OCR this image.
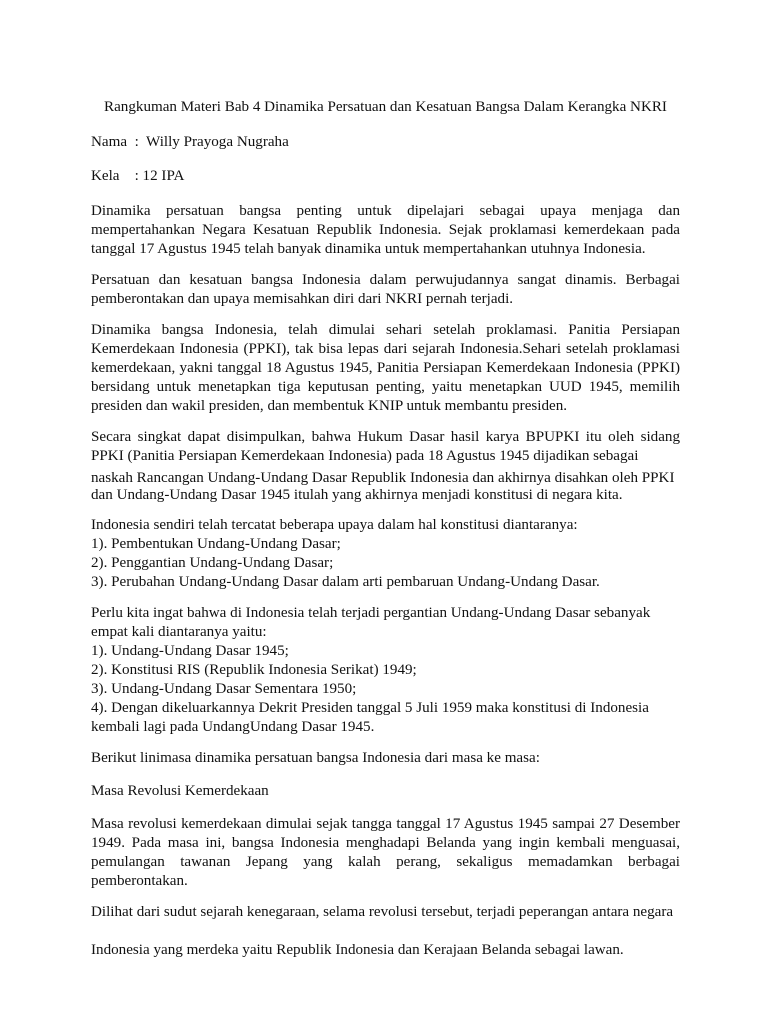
Rangkuman Materi Bab 4 Dinamika Persatuan dan Kesatuan Bangsa Dalam Kerangka NKRI
Nama  :  Willy Prayoga Nugraha
Kela    : 12 IPA

Dinamika persatuan bangsa penting untuk dipelajari sebagai upaya menjaga dan mempertahankan Negara Kesatuan Republik Indonesia. Sejak proklamasi kemerdekaan pada tanggal 17 Agustus 1945 telah banyak dinamika untuk mempertahankan utuhnya Indonesia.

Persatuan dan kesatuan bangsa Indonesia dalam perwujudannya sangat dinamis. Berbagai pemberontakan dan upaya memisahkan diri dari NKRI pernah terjadi.

Dinamika bangsa Indonesia, telah dimulai sehari setelah proklamasi. Panitia Persiapan Kemerdekaan Indonesia (PPKI), tak bisa lepas dari sejarah Indonesia.Sehari setelah proklamasi kemerdekaan, yakni tanggal 18 Agustus 1945, Panitia Persiapan Kemerdekaan Indonesia (PPKI) bersidang untuk menetapkan tiga keputusan penting, yaitu menetapkan UUD 1945, memilih presiden dan wakil presiden, dan membentuk KNIP untuk membantu presiden.

Secara singkat dapat disimpulkan, bahwa Hukum Dasar hasil karya BPUPKI itu oleh sidang PPKI (Panitia Persiapan Kemerdekaan Indonesia) pada 18 Agustus 1945 dijadikan sebagai

naskah Rancangan Undang-Undang Dasar Republik Indonesia dan akhirnya disahkan oleh PPKI dan Undang-Undang Dasar 1945 itulah yang akhirnya menjadi konstitusi di negara kita.

Indonesia sendiri telah tercatat beberapa upaya dalam hal konstitusi diantaranya:
1). Pembentukan Undang-Undang Dasar;
2). Penggantian Undang-Undang Dasar;
3). Perubahan Undang-Undang Dasar dalam arti pembaruan Undang-Undang Dasar.
Perlu kita ingat bahwa di Indonesia telah terjadi pergantian Undang-Undang Dasar sebanyak
empat kali diantaranya yaitu:
1). Undang-Undang Dasar 1945;
2). Konstitusi RIS (Republik Indonesia Serikat) 1949;
3). Undang-Undang Dasar Sementara 1950;
4). Dengan dikeluarkannya Dekrit Presiden tanggal 5 Juli 1959 maka konstitusi di Indonesia
kembali lagi pada UndangUndang Dasar 1945.

Berikut linimasa dinamika persatuan bangsa Indonesia dari masa ke masa:

Masa Revolusi Kemerdekaan

Masa revolusi kemerdekaan dimulai sejak tangga tanggal 17 Agustus 1945 sampai 27 Desember 1949. Pada masa ini, bangsa Indonesia menghadapi Belanda yang ingin kembali menguasai, pemulangan tawanan Jepang yang kalah perang, sekaligus memadamkan berbagai pemberontakan.

Dilihat dari sudut sejarah kenegaraan, selama revolusi tersebut, terjadi peperangan antara negara

Indonesia yang merdeka yaitu Republik Indonesia dan Kerajaan Belanda sebagai lawan.
